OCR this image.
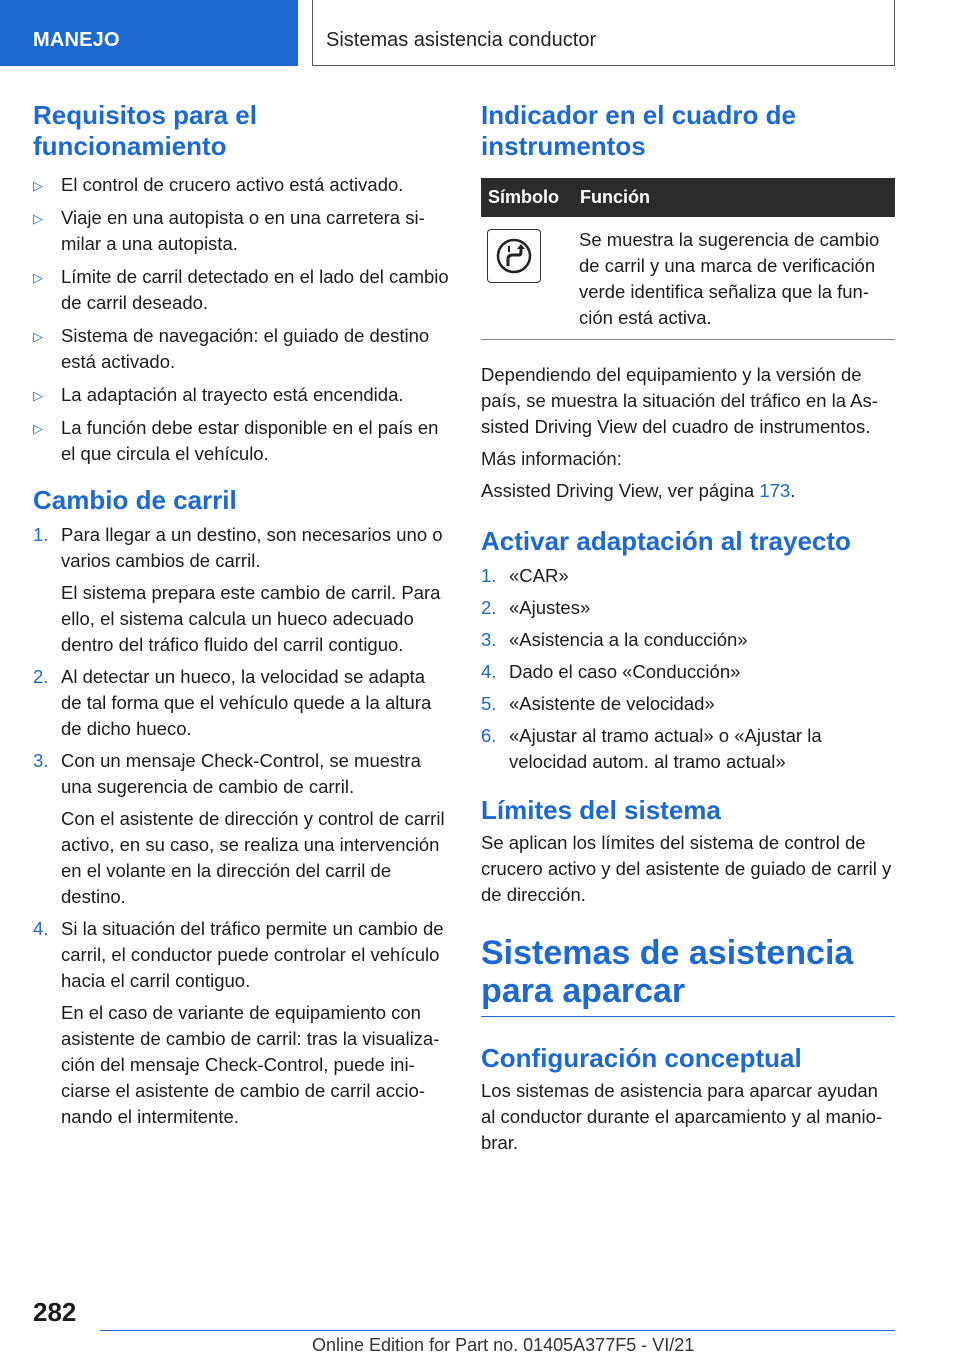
MANEJO	Sistemas asistencia conductor
Requisitos para el funcionamiento
▷ El control de crucero activo está activado.
▷ Viaje en una autopista o en una carretera similar a una autopista.
▷ Límite de carril detectado en el lado del cambio de carril deseado.
▷ Sistema de navegación: el guiado de destino está activado.
▷ La adaptación al trayecto está encendida.
▷ La función debe estar disponible en el país en el que circula el vehículo.
Cambio de carril
1. Para llegar a un destino, son necesarios uno o varios cambios de carril.
El sistema prepara este cambio de carril. Para ello, el sistema calcula un hueco adecuado dentro del tráfico fluido del carril contiguo.
2. Al detectar un hueco, la velocidad se adapta de tal forma que el vehículo quede a la altura de dicho hueco.
3. Con un mensaje Check-Control, se muestra una sugerencia de cambio de carril.
Con el asistente de dirección y control de carril activo, en su caso, se realiza una intervención en el volante en la dirección del carril de destino.
4. Si la situación del tráfico permite un cambio de carril, el conductor puede controlar el vehículo hacia el carril contiguo.
En el caso de variante de equipamiento con asistente de cambio de carril: tras la visualización del mensaje Check-Control, puede iniciarse el asistente de cambio de carril accionando el intermitente.
Indicador en el cuadro de instrumentos
Símbolo	Función

	Se muestra la sugerencia de cambio de carril y una marca de verificación verde identifica señaliza que la función está activa.

Dependiendo del equipamiento y la versión de país, se muestra la situación del tráfico en la Assisted Driving View del cuadro de instrumentos.

Más información:

Assisted Driving View, ver página 173.

Activar adaptación al trayecto
1. «CAR»
2. «Ajustes»
3. «Asistencia a la conducción»
4. Dado el caso «Conducción»
5. «Asistente de velocidad»
6. «Ajustar al tramo actual» o «Ajustar la velocidad autom. al tramo actual»
Límites del sistema

Se aplican los límites del sistema de control de crucero activo y del asistente de guiado de carril y de dirección.

Sistemas de asistencia para aparcar
Configuración conceptual

Los sistemas de asistencia para aparcar ayudan al conductor durante el aparcamiento y al maniobrar.

282
Online Edition for Part no. 01405A377F5 - VI/21
